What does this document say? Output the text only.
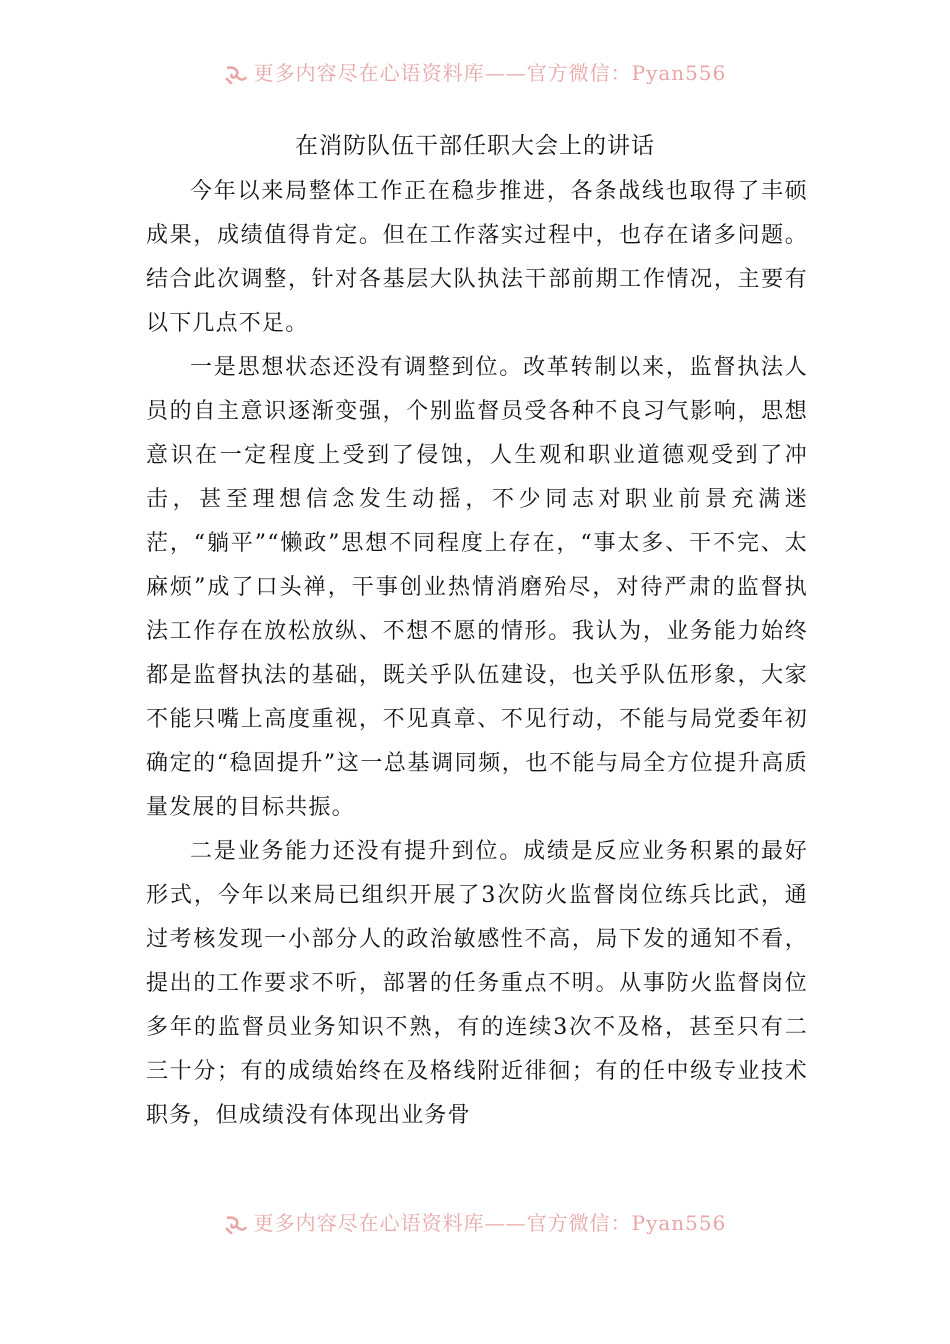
更多内容尽在心语资料库——官方微信：Pyan556
在消防队伍干部任职大会上的讲话

今年以来局整体工作正在稳步推进，各条战线也取得了丰硕成果，成绩值得肯定。但在工作落实过程中，也存在诸多问题。结合此次调整，针对各基层大队执法干部前期工作情况，主要有以下几点不足。

一是思想状态还没有调整到位。改革转制以来，监督执法人员的自主意识逐渐变强，个别监督员受各种不良习气影响，思想意识在一定程度上受到了侵蚀，人生观和职业道德观受到了冲击，甚至理想信念发生动摇，不少同志对职业前景充满迷茫，“躺平”“懒政”思想不同程度上存在，“事太多、干不完、太麻烦”成了口头禅，干事创业热情消磨殆尽，对待严肃的监督执法工作存在放松放纵、不想不愿的情形。我认为，业务能力始终都是监督执法的基础，既关乎队伍建设，也关乎队伍形象，大家不能只嘴上高度重视，不见真章、不见行动，不能与局党委年初确定的“稳固提升”这一总基调同频，也不能与局全方位提升高质量发展的目标共振。

二是业务能力还没有提升到位。成绩是反应业务积累的最好形式，今年以来局已组织开展了3次防火监督岗位练兵比武，通过考核发现一小部分人的政治敏感性不高，局下发的通知不看，提出的工作要求不听，部署的任务重点不明。从事防火监督岗位多年的监督员业务知识不熟，有的连续3次不及格，甚至只有二三十分；有的成绩始终在及格线附近徘徊；有的任中级专业技术职务，但成绩没有体现出业务骨

更多内容尽在心语资料库——官方微信：Pyan556
